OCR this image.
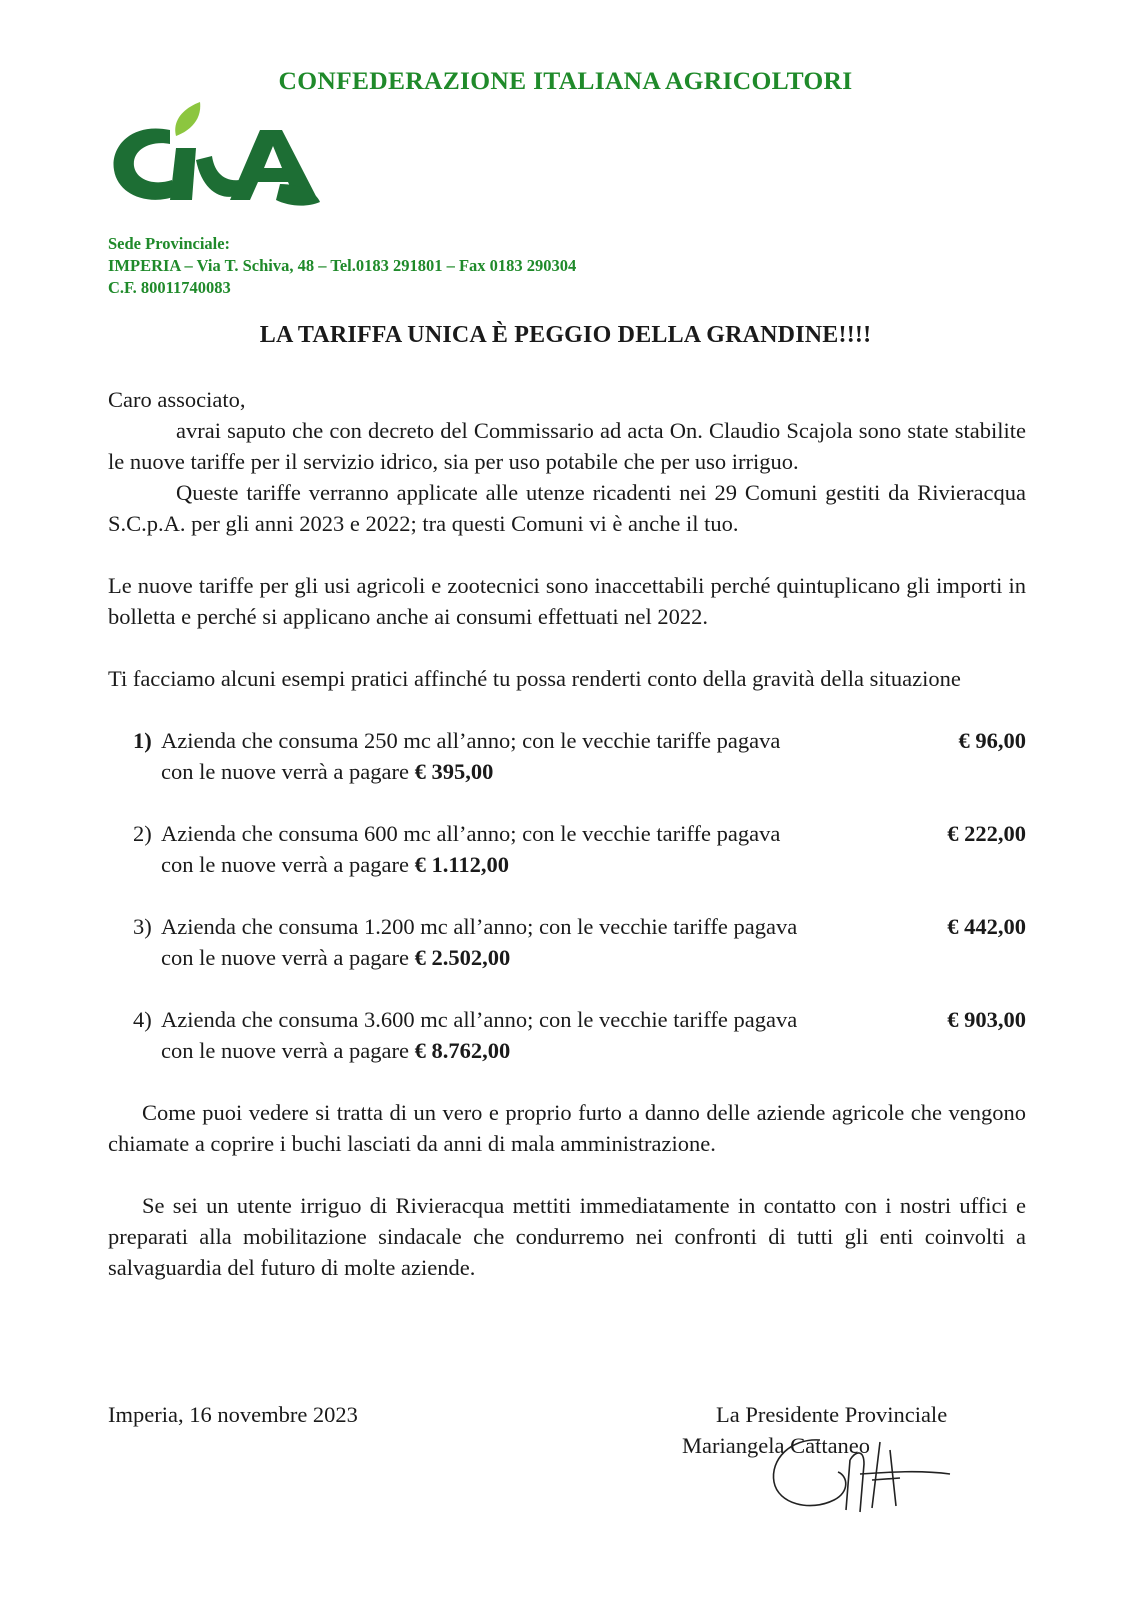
CONFEDERAZIONE ITALIANA AGRICOLTORI
Sede Provinciale:
IMPERIA – Via T. Schiva, 48 – Tel.0183 291801 – Fax 0183 290304
C.F. 80011740083
LA TARIFFA UNICA È PEGGIO DELLA GRANDINE!!!!

Caro associato,

avrai saputo che con decreto del Commissario ad acta On. Claudio Scajola sono state stabilite le nuove tariffe per il servizio idrico, sia per uso potabile che per uso irriguo.

Queste tariffe verranno applicate alle utenze ricadenti nei 29 Comuni gestiti da Rivieracqua S.C.p.A. per gli anni 2023 e 2022; tra questi Comuni vi è anche il tuo.

Le nuove tariffe per gli usi agricoli e zootecnici sono inaccettabili perché quintuplicano gli importi in bolletta e perché si applicano anche ai consumi effettuati nel 2022.

Ti facciamo alcuni esempi pratici affinché tu possa renderti conto della gravità della situazione

1) Azienda che consuma 250 mc all’anno; con le vecchie tariffe pagava	€ 96,00
con le nuove verrà a pagare € 395,00
2) Azienda che consuma 600 mc all’anno; con le vecchie tariffe pagava	€ 222,00
con le nuove verrà a pagare € 1.112,00
3) Azienda che consuma 1.200 mc all’anno; con le vecchie tariffe pagava	€ 442,00
con le nuove verrà a pagare € 2.502,00
4) Azienda che consuma 3.600 mc all’anno; con le vecchie tariffe pagava	€ 903,00
con le nuove verrà a pagare € 8.762,00

Come puoi vedere si tratta di un vero e proprio furto a danno delle aziende agricole che vengono chiamate a coprire i buchi lasciati da anni di mala amministrazione.

Se sei un utente irriguo di Rivieracqua mettiti immediatamente in contatto con i nostri uffici e preparati alla mobilitazione sindacale che condurremo nei confronti di tutti gli enti coinvolti a salvaguardia del futuro di molte aziende.

Imperia, 16 novembre 2023	La Presidente Provinciale
Mariangela Cattaneo
